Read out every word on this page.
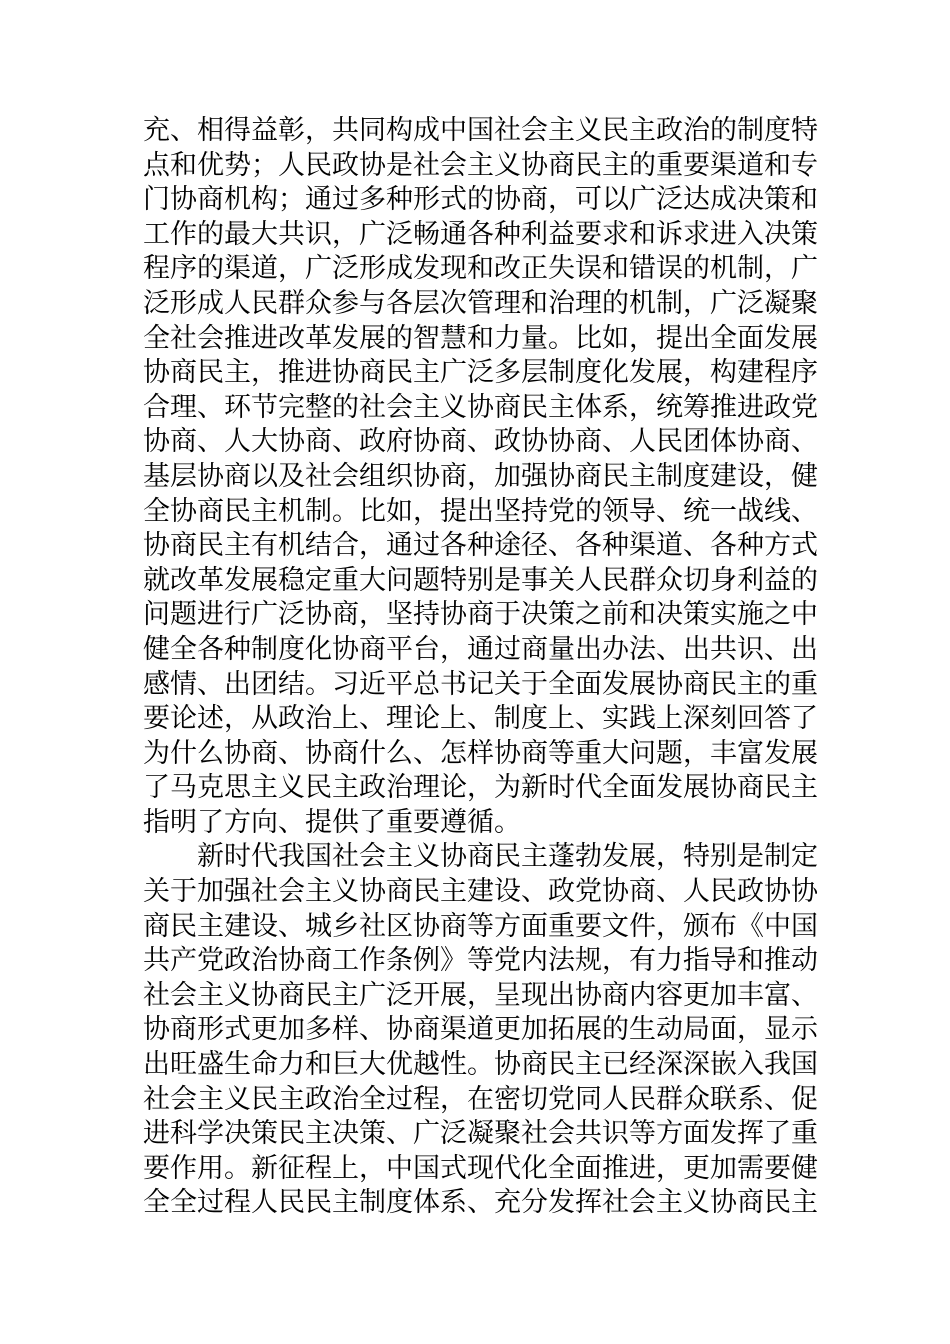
充、相得益彰，共同构成中国社会主义民主政治的制度特
点和优势；人民政协是社会主义协商民主的重要渠道和专
门协商机构；通过多种形式的协商，可以广泛达成决策和
工作的最大共识，广泛畅通各种利益要求和诉求进入决策
程序的渠道，广泛形成发现和改正失误和错误的机制，广
泛形成人民群众参与各层次管理和治理的机制，广泛凝聚
全社会推进改革发展的智慧和力量。比如，提出全面发展
协商民主，推进协商民主广泛多层制度化发展，构建程序
合理、环节完整的社会主义协商民主体系，统筹推进政党
协商、人大协商、政府协商、政协协商、人民团体协商、
基层协商以及社会组织协商，加强协商民主制度建设，健
全协商民主机制。比如，提出坚持党的领导、统一战线、
协商民主有机结合，通过各种途径、各种渠道、各种方式
就改革发展稳定重大问题特别是事关人民群众切身利益的
问题进行广泛协商，坚持协商于决策之前和决策实施之中
健全各种制度化协商平台，通过商量出办法、出共识、出
感情、出团结。习近平总书记关于全面发展协商民主的重
要论述，从政治上、理论上、制度上、实践上深刻回答了
为什么协商、协商什么、怎样协商等重大问题，丰富发展
了马克思主义民主政治理论，为新时代全面发展协商民主
指明了方向、提供了重要遵循。
新时代我国社会主义协商民主蓬勃发展，特别是制定
关于加强社会主义协商民主建设、政党协商、人民政协协
商民主建设、城乡社区协商等方面重要文件，颁布《中国
共产党政治协商工作条例》等党内法规，有力指导和推动
社会主义协商民主广泛开展，呈现出协商内容更加丰富、
协商形式更加多样、协商渠道更加拓展的生动局面，显示
出旺盛生命力和巨大优越性。协商民主已经深深嵌入我国
社会主义民主政治全过程，在密切党同人民群众联系、促
进科学决策民主决策、广泛凝聚社会共识等方面发挥了重
要作用。新征程上，中国式现代化全面推进，更加需要健
全全过程人民民主制度体系、充分发挥社会主义协商民主
